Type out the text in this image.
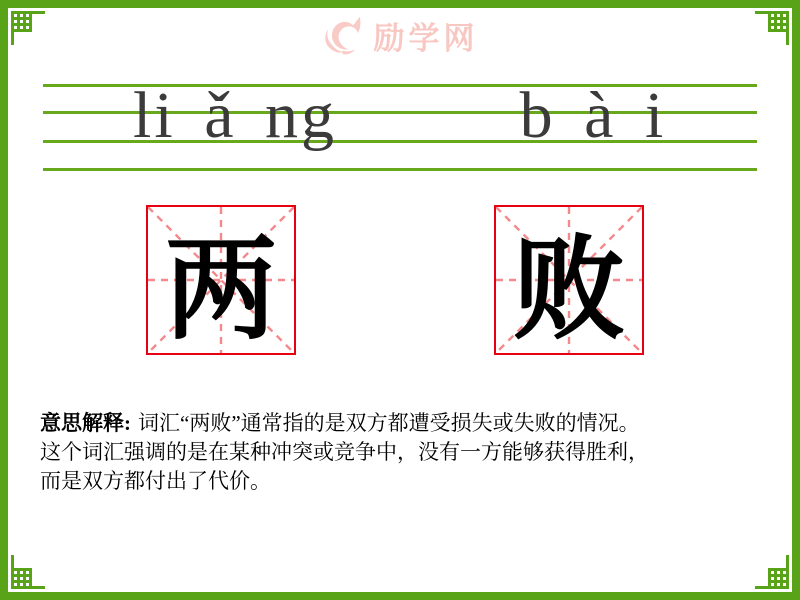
励学网
li ǎ ng	b à i
两 败
意思解释: 词汇“两败”通常指的是双方都遭受损失或失败的情况。
这个词汇强调的是在某种冲突或竞争中，没有一方能够获得胜利，
而是双方都付出了代价。
